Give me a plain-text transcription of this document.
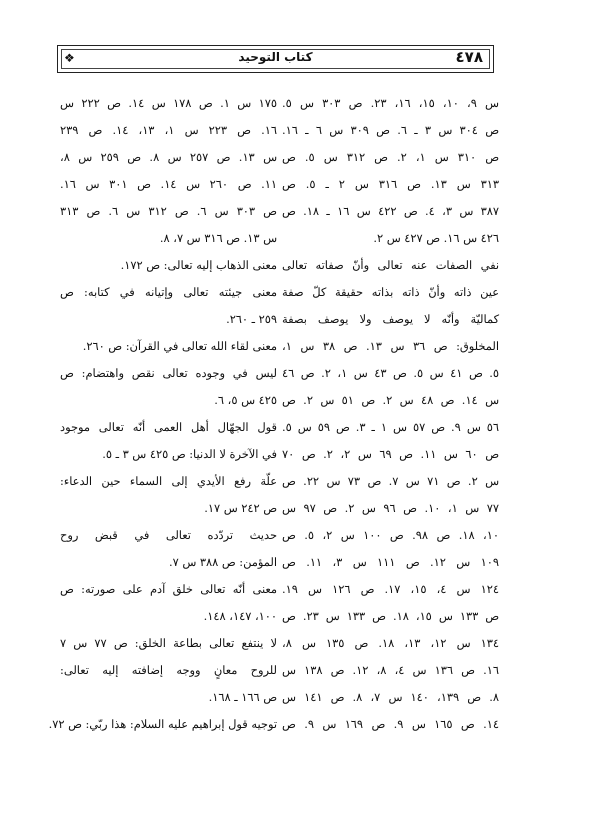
❖	كتاب التوحيد	٤٧٨
س ٩، ١٠، ١٥، ١٦، ٢٣. ص ٣٠٣ س ٥.
ص ٣٠٤ س ٣ ـ ٦. ص ٣٠٩ س ٦ ـ ١٦.
ص ٣١٠ س ١، ٢. ص ٣١٢ س ٥. ص
٣١٣ س ١٣. ص ٣١٦ س ٢ ـ ٥. ص
٣٨٧ س ٣، ٤. ص ٤٢٢ س ١٦ ـ ١٨. ص
٤٢٦ س ١٦. ص ٤٢٧ س ٢.
نفي الصفات عنه تعالى وأنّ صفاته تعالى
عين ذاته وأنّ ذاته بذاته حقيقة كلّ صفة
كماليّة وأنّه لا يوصف ولا يوصف بصفة
المخلوق: ص ٣٦ س ١٣. ص ٣٨ س ١،
٥. ص ٤١ س ٥. ص ٤٣ س ١، ٢. ص ٤٦
س ١٤. ص ٤٨ س ٢. ص ٥١ س ٢. ص
٥٦ س ٩. ص ٥٧ س ١ ـ ٣. ص ٥٩ س ٥.
ص ٦٠ س ١١. ص ٦٩ س ٢، ٢. ص ٧٠
س ٢. ص ٧١ س ٧. ص ٧٣ س ٢٢. ص
٧٧ س ١، ١٠. ص ٩٦ س ٢. ص ٩٧ س
١٠، ١٨. ص ٩٨. ص ١٠٠ س ٢، ٥. ص
١٠٩ س ١٢. ص ١١١ س ٣، ١١. ص
١٢٤ س ٤، ١٥، ١٧. ص ١٢٦ س ١٩.
ص ١٣٣ س ١٥، ١٨. ص ١٣٣ س ٢٣. ص
١٣٤ س ١٢، ١٣، ١٨. ص ١٣٥ س ٨،
١٦. ص ١٣٦ س ٤، ٨، ١٢. ص ١٣٨ س
٨. ص ١٣٩، ١٤٠ س ٧، ٨. ص ١٤١ س
١٤. ص ١٦٥ س ٩. ص ١٦٩ س ٩. ص
١٧٥ س ١. ص ١٧٨ س ١٤. ص ٢٢٢ س
١٦. ص ٢٢٣ س ١، ١٣، ١٤. ص ٢٣٩
س ١٣. ص ٢٥٧ س ٨. ص ٢٥٩ س ٨،
١١. ص ٢٦٠ س ١٤. ص ٣٠١ س ١٦.
ص ٣٠٣ س ٦. ص ٣١٢ س ٦. ص ٣١٣
س ١٣. ص ٣١٦ س ٧، ٨.
معنى الذهاب إليه تعالى: ص ١٧٢.
معنى جيئته تعالى وإتيانه في كتابه: ص
٢٥٩ ـ ٢٦٠.
معنى لقاء الله تعالى في القرآن: ص ٢٦٠.
ليس في وجوده تعالى نقص واهتضام: ص
٤٢٥ س ٥، ٦.
قول الجهّال أهل العمى أنّه تعالى موجود
في الآخرة لا الدنيا: ص ٤٢٥ س ٣ ـ ٥.
علّة رفع الأيدي إلى السماء حين الدعاء:
ص ٢٤٢ س ١٧.
حديث تردّده تعالى في قبض روح
المؤمن: ص ٣٨٨ س ٧.
معنى أنّه تعالى خلق آدم على صورته: ص
١٠٠، ١٤٧، ١٤٨.
لا ينتفع تعالى بطاعة الخلق: ص ٧٧ س ٧
للروح معانٍ ووجه إضافته إليه تعالى:
ص ١٦٦ ـ ١٦٨.
توجيه قول إبراهيم عليه السلام: هذا ربّي: ص ٧٢.
